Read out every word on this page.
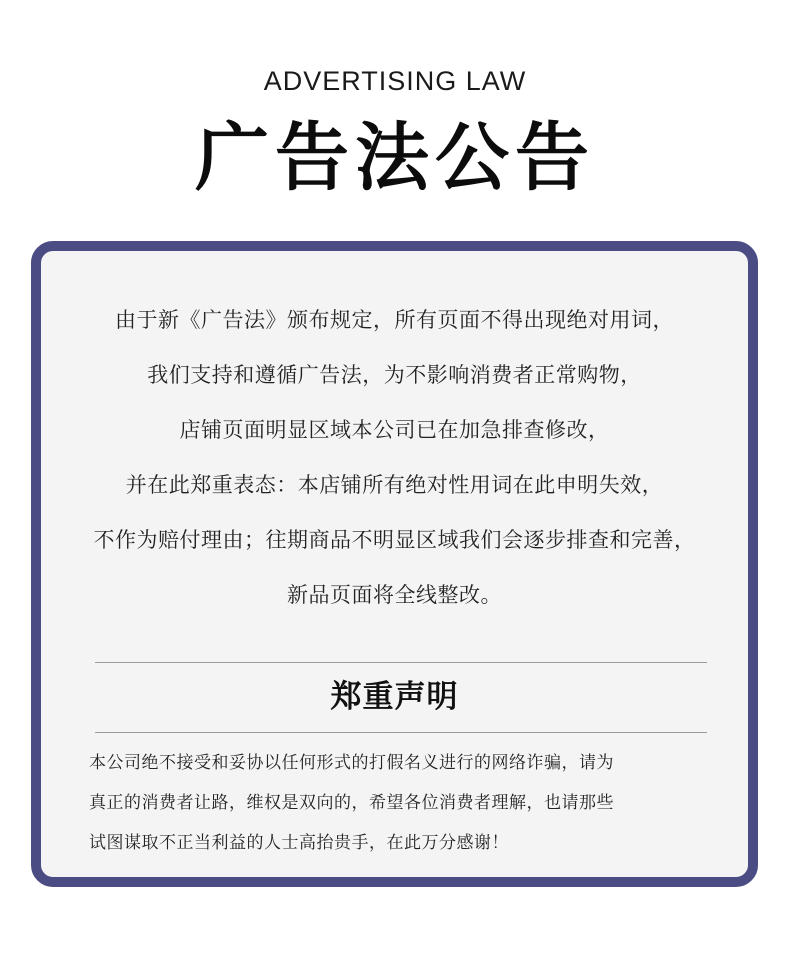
ADVERTISING LAW
广告法公告
由于新《广告法》颁布规定，所有页面不得出现绝对用词，
我们支持和遵循广告法，为不影响消费者正常购物，
店铺页面明显区域本公司已在加急排查修改，
并在此郑重表态：本店铺所有绝对性用词在此申明失效，
不作为赔付理由；往期商品不明显区域我们会逐步排查和完善，
新品页面将全线整改。
郑重声明
本公司绝不接受和妥协以任何形式的打假名义进行的网络诈骗，请为
真正的消费者让路，维权是双向的，希望各位消费者理解，也请那些
试图谋取不正当利益的人士高抬贵手，在此万分感谢！
